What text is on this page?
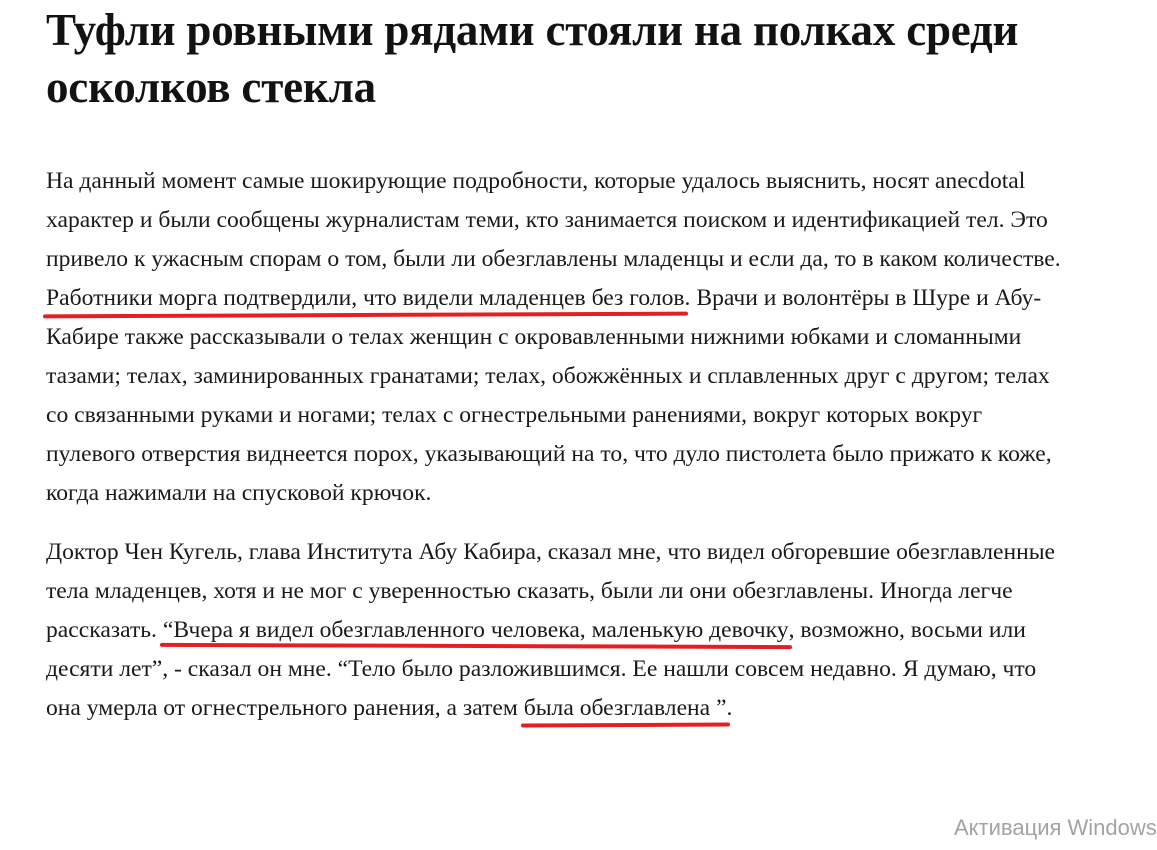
Туфли ровными рядами стояли на полках среди осколков стекла

На данный момент самые шокирующие подробности, которые удалось выяснить, носят anecdotal характер и были сообщены журналистам теми, кто занимается поиском и идентификацией тел. Это привело к ужасным спорам о том, были ли обезглавлены младенцы и если да, то в каком количестве. Работники морга подтвердили, что видели младенцев без голов. Врачи и волонтёры в Шуре и Абу-Кабире также рассказывали о телах женщин с окровавленными нижними юбками и сломанными тазами; телах, заминированных гранатами; телах, обожжённых и сплавленных друг с другом; телах со связанными руками и ногами; телах с огнестрельными ранениями, вокруг которых вокруг пулевого отверстия виднеется порох, указывающий на то, что дуло пистолета было прижато к коже, когда нажимали на спусковой крючок.

Доктор Чен Кугель, глава Института Абу Кабира, сказал мне, что видел обгоревшие обезглавленные тела младенцев, хотя и не мог с уверенностью сказать, были ли они обезглавлены. Иногда легче рассказать. “Вчера я видел обезглавленного человека, маленькую девочку, возможно, восьми или десяти лет”, - сказал он мне. “Тело было разложившимся. Ее нашли совсем недавно. Я думаю, что она умерла от огнестрельного ранения, а затем была обезглавлена ”.

Активация Windows
